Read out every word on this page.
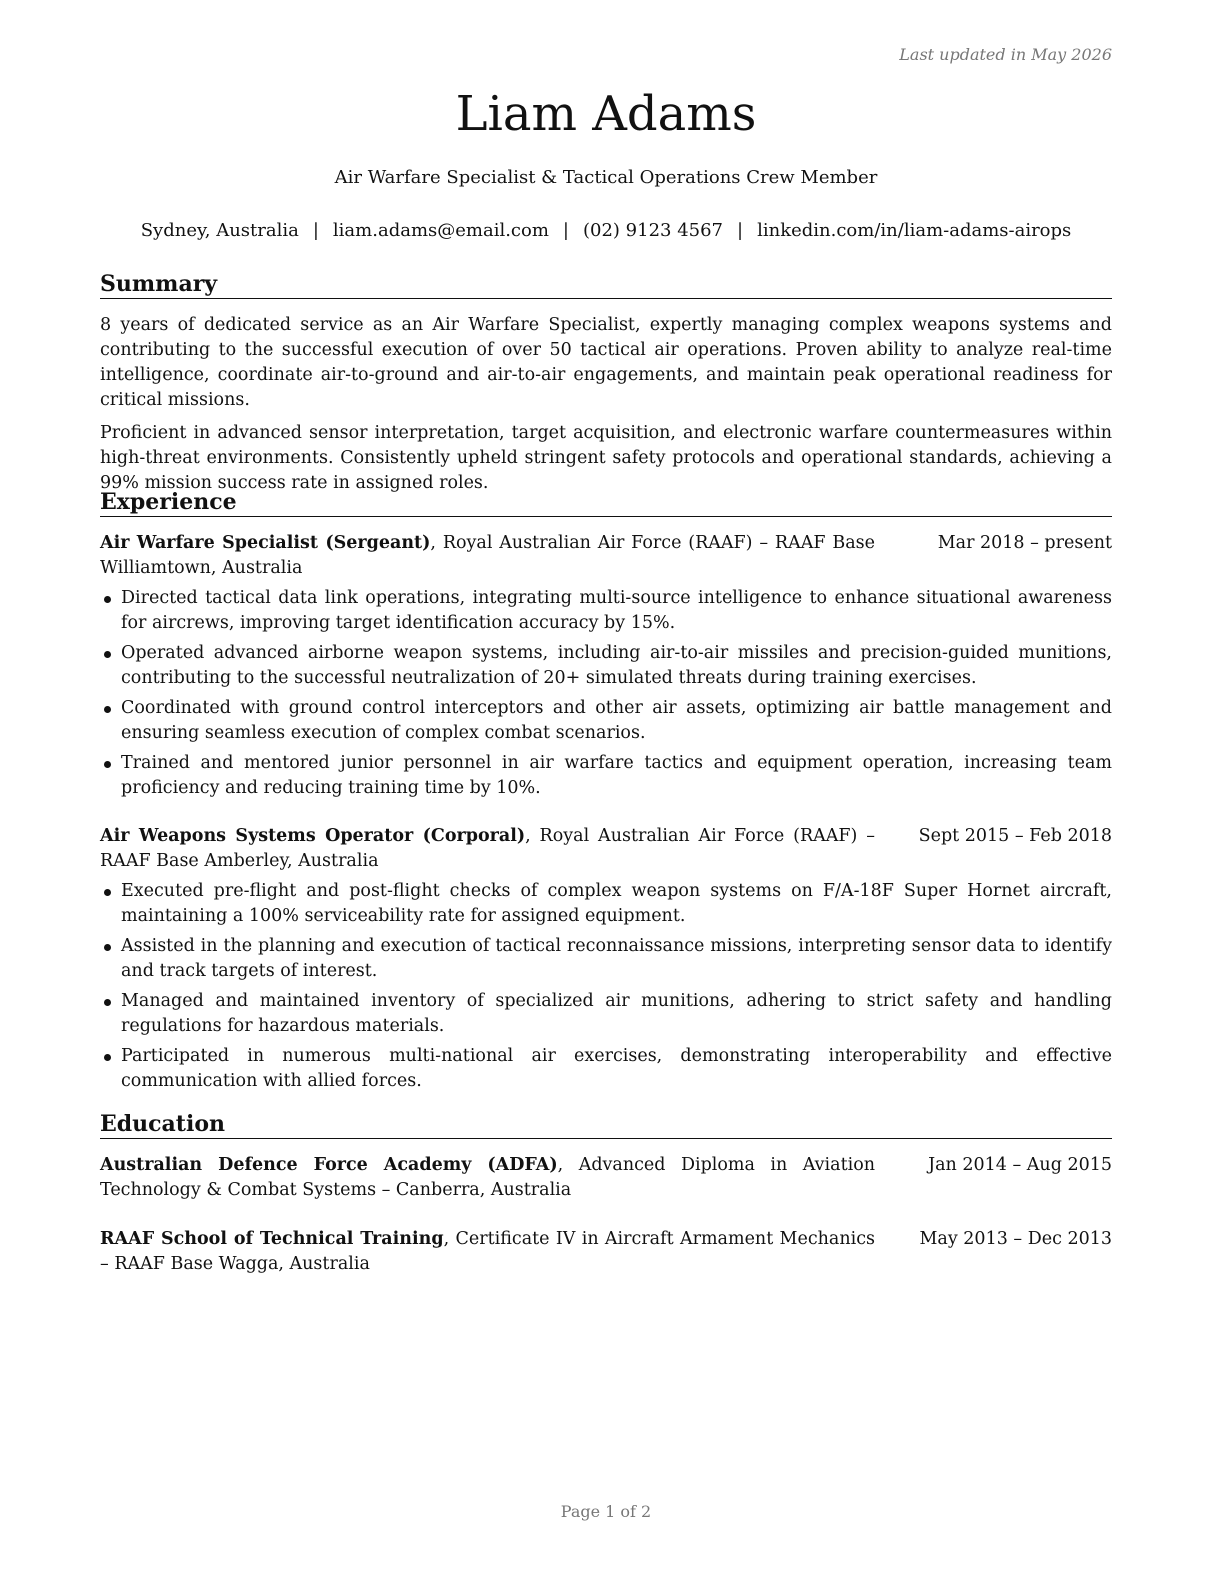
Last updated in May 2026
Liam Adams
Air Warfare Specialist & Tactical Operations Crew Member
Sydney, Australia | liam.adams@email.com | (02) 9123 4567 | linkedin.com/in/liam-adams-airops
Summary

8 years of dedicated service as an Air Warfare Specialist, expertly managing complex weapons systems and contributing to the successful execution of over 50 tactical air operations. Proven ability to analyze real-time intelligence, coordinate air-to-ground and air-to-air engagements, and maintain peak operational readiness for critical missions.

Proficient in advanced sensor interpretation, target acquisition, and electronic warfare countermeasures within high-threat environments. Consistently upheld stringent safety protocols and operational standards, achieving a 99% mission success rate in assigned roles.

Experience
Air Warfare Specialist (Sergeant), Royal Australian Air Force (RAAF) – RAAF Base Williamtown, Australia
Mar 2018 – present
Directed tactical data link operations, integrating multi-source intelligence to enhance situational awareness for aircrews, improving target identification accuracy by 15%.
Operated advanced airborne weapon systems, including air-to-air missiles and precision-guided munitions, contributing to the successful neutralization of 20+ simulated threats during training exercises.
Coordinated with ground control interceptors and other air assets, optimizing air battle management and ensuring seamless execution of complex combat scenarios.
Trained and mentored junior personnel in air warfare tactics and equipment operation, increasing team proficiency and reducing training time by 10%.
Air Weapons Systems Operator (Corporal), Royal Australian Air Force (RAAF) – RAAF Base Amberley, Australia
Sept 2015 – Feb 2018
Executed pre-flight and post-flight checks of complex weapon systems on F/A-18F Super Hornet aircraft, maintaining a 100% serviceability rate for assigned equipment.
Assisted in the planning and execution of tactical reconnaissance missions, interpreting sensor data to identify and track targets of interest.
Managed and maintained inventory of specialized air munitions, adhering to strict safety and handling regulations for hazardous materials.
Participated in numerous multi-national air exercises, demonstrating interoperability and effective communication with allied forces.
Education
Australian Defence Force Academy (ADFA), Advanced Diploma in Aviation Technology & Combat Systems – Canberra, Australia
Jan 2014 – Aug 2015
RAAF School of Technical Training, Certificate IV in Aircraft Armament Mechanics – RAAF Base Wagga, Australia
May 2013 – Dec 2013
Page 1 of 2
